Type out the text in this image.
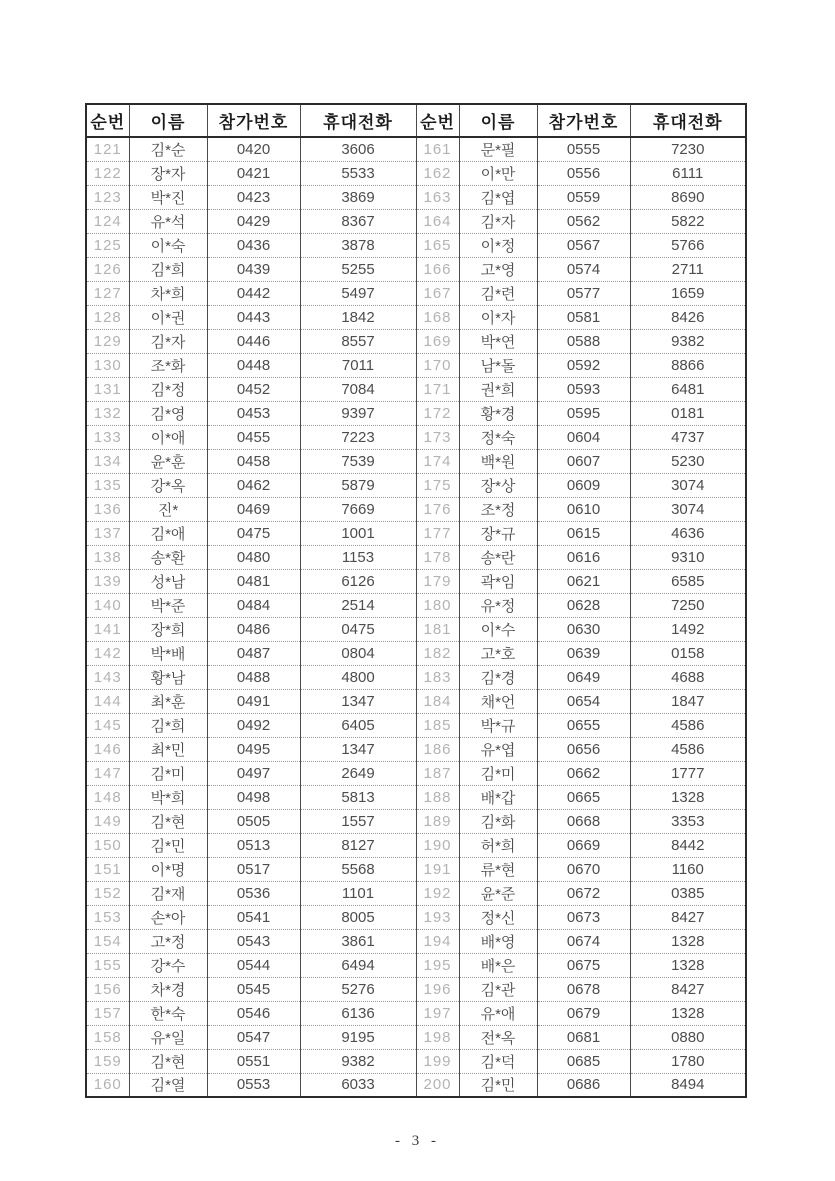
순번	이름	참가번호	휴대전화	순번	이름	참가번호	휴대전화
121	김*순	0420	3606	161	문*필	0555	7230
122	장*자	0421	5533	162	이*만	0556	6111
123	박*진	0423	3869	163	김*엽	0559	8690
124	유*석	0429	8367	164	김*자	0562	5822
125	이*숙	0436	3878	165	이*정	0567	5766
126	김*희	0439	5255	166	고*영	0574	2711
127	차*희	0442	5497	167	김*련	0577	1659
128	이*권	0443	1842	168	이*자	0581	8426
129	김*자	0446	8557	169	박*연	0588	9382
130	조*화	0448	7011	170	남*돌	0592	8866
131	김*정	0452	7084	171	권*희	0593	6481
132	김*영	0453	9397	172	황*경	0595	0181
133	이*애	0455	7223	173	정*숙	0604	4737
134	윤*훈	0458	7539	174	백*원	0607	5230
135	강*옥	0462	5879	175	장*상	0609	3074
136	진*	0469	7669	176	조*정	0610	3074
137	김*애	0475	1001	177	장*규	0615	4636
138	송*환	0480	1153	178	송*란	0616	9310
139	성*남	0481	6126	179	곽*임	0621	6585
140	박*준	0484	2514	180	유*정	0628	7250
141	장*희	0486	0475	181	이*수	0630	1492
142	박*배	0487	0804	182	고*호	0639	0158
143	황*남	0488	4800	183	김*경	0649	4688
144	최*훈	0491	1347	184	채*언	0654	1847
145	김*희	0492	6405	185	박*규	0655	4586
146	최*민	0495	1347	186	유*엽	0656	4586
147	김*미	0497	2649	187	김*미	0662	1777
148	박*희	0498	5813	188	배*갑	0665	1328
149	김*현	0505	1557	189	김*화	0668	3353
150	김*민	0513	8127	190	허*희	0669	8442
151	이*명	0517	5568	191	류*현	0670	1160
152	김*재	0536	1101	192	윤*준	0672	0385
153	손*아	0541	8005	193	정*신	0673	8427
154	고*정	0543	3861	194	배*영	0674	1328
155	강*수	0544	6494	195	배*은	0675	1328
156	차*경	0545	5276	196	김*관	0678	8427
157	한*숙	0546	6136	197	유*애	0679	1328
158	유*일	0547	9195	198	전*옥	0681	0880
159	김*현	0551	9382	199	김*덕	0685	1780
160	김*열	0553	6033	200	김*민	0686	8494
- 3 -
